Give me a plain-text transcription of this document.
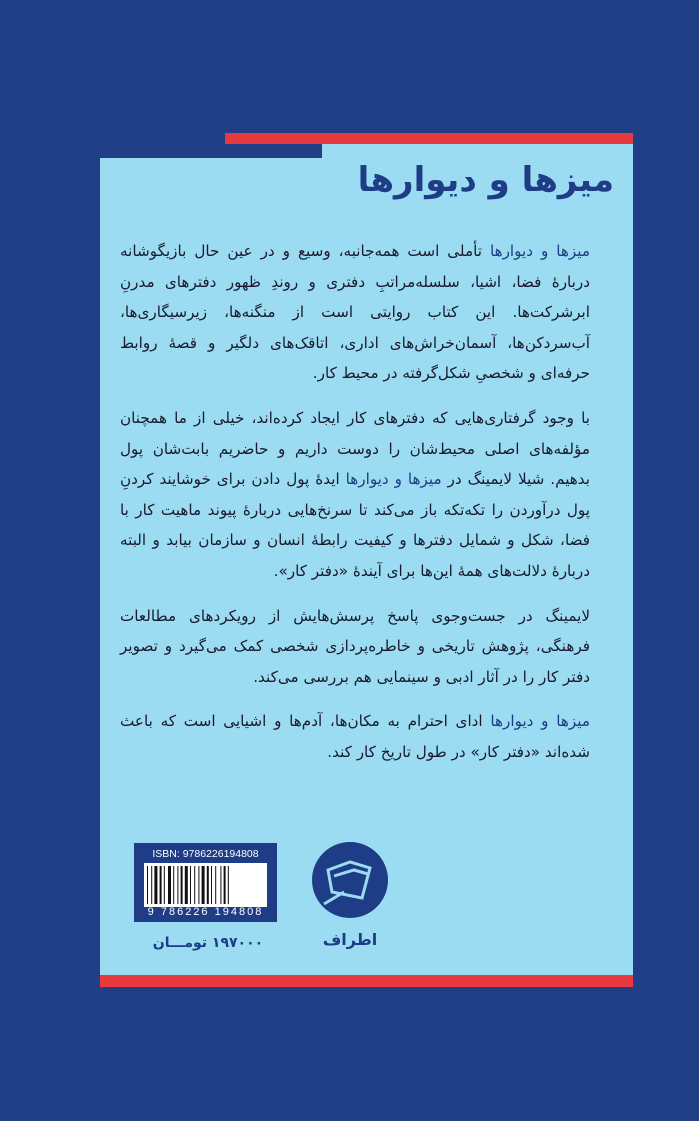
میزها و دیوارها

میزها و دیوارها تأملی است همه‌جانبه، وسیع و در عین حال بازیگوشانه دربارهٔ فضا، اشیا، سلسله‌مراتبِ دفتری و روندِ ظهور دفترهای مدرنِ ابرشرکت‌ها. این کتاب روایتی است از منگنه‌ها، زیرسیگاری‌ها، آب‌سردکن‌ها، آسمان‌خراش‌های اداری، اتاقک‌های دلگیر و قصهٔ روابط حرفه‌ای و شخصیِ شکل‌گرفته در محیط کار.

با وجود گرفتاری‌هایی که دفترهای کار ایجاد کرده‌اند، خیلی از ما همچنان مؤلفه‌های اصلی محیط‌شان را دوست داریم و حاضریم بابت‌شان پول بدهیم. شیلا لایمینگ در میزها و دیوارها ایدهٔ پول دادن برای خوشایند کردنِ پول درآوردن را تکه‌تکه باز می‌کند تا سرنخ‌هایی دربارهٔ پیوند ماهیت کار با فضا، شکل و شمایل دفترها و کیفیت رابطهٔ انسان و سازمان بیابد و البته دربارهٔ دلالت‌های همهٔ این‌ها برای آیندهٔ «دفتر کار».

لایمینگ در جست‌وجوی پاسخ پرسش‌هایش از رویکردهای مطالعات فرهنگی، پژوهش تاریخی و خاطره‌پردازی شخصی کمک می‌گیرد و تصویر دفتر کار را در آثار ادبی و سینمایی هم بررسی می‌کند.

میزها و دیوارها ادای احترام به مکان‌ها، آدم‌ها و اشیایی است که باعث شده‌اند «دفتر کار» در طول تاریخ کار کند.

ISBN: 9786226194808
9 786226 194808
۱۹۷۰۰۰ تومـــان	اطراف
